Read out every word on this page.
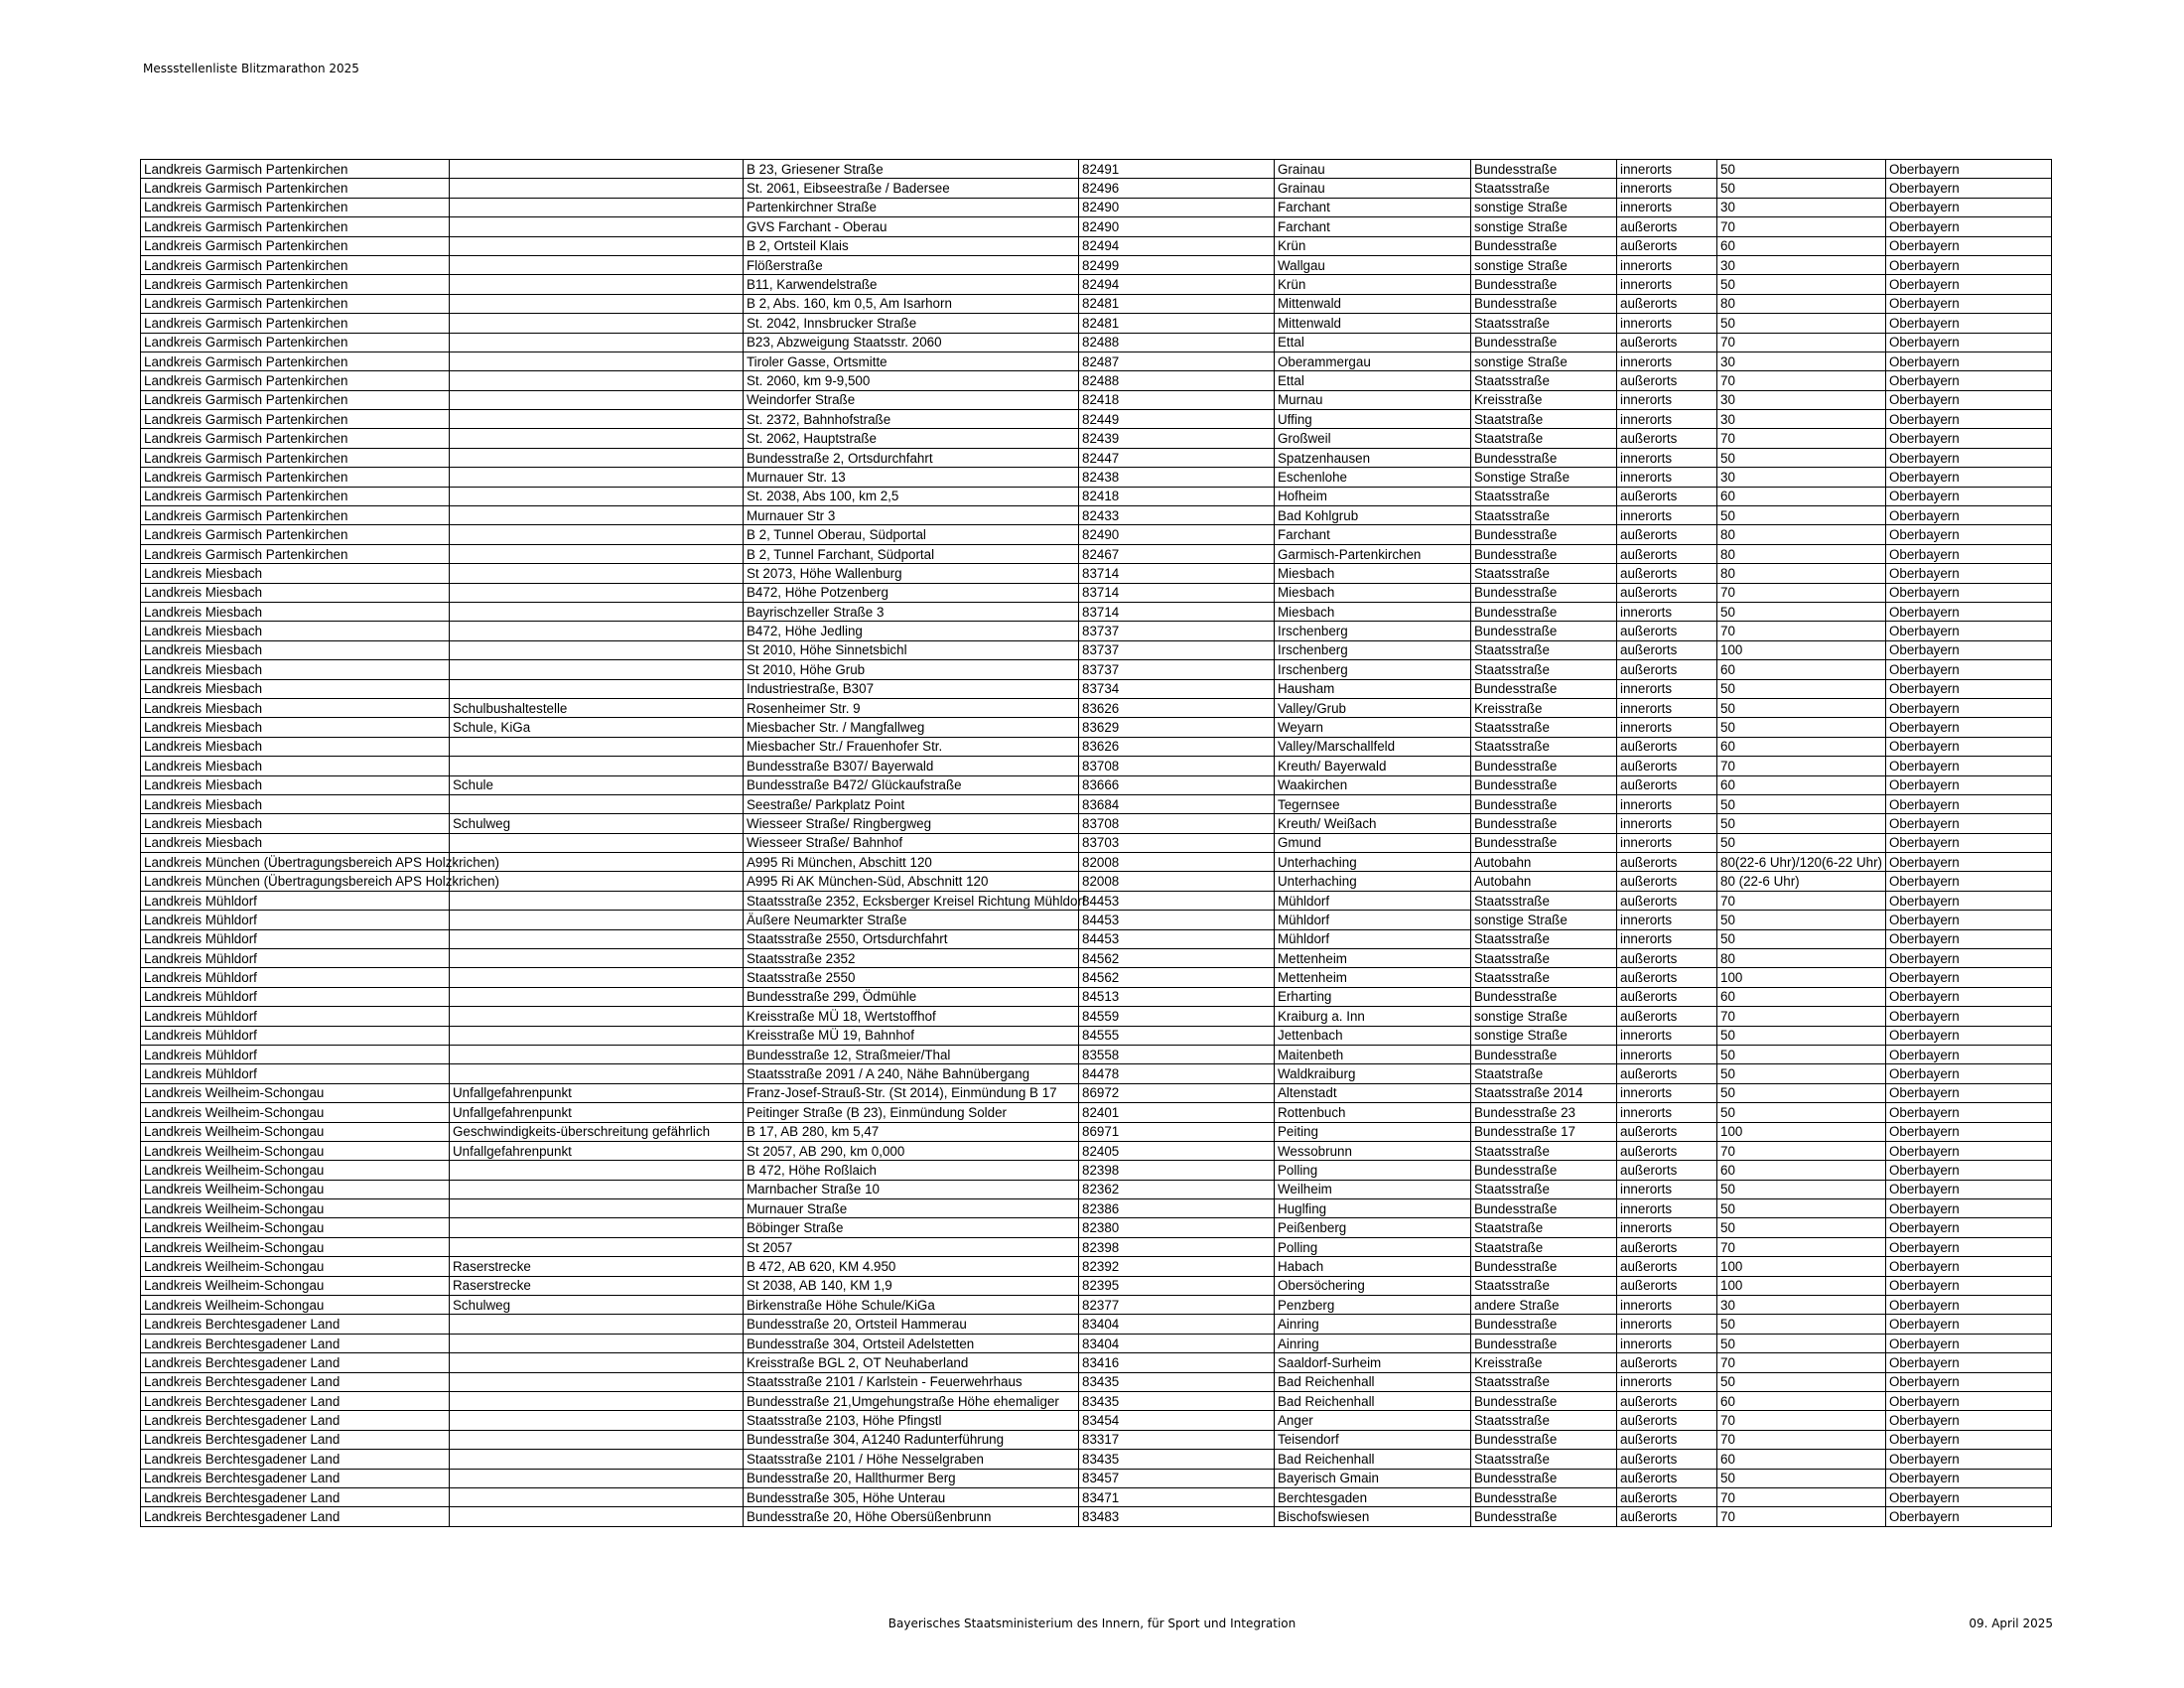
Messstellenliste Blitzmarathon 2025
Landkreis Garmisch Partenkirchen		B 23, Griesener Straße	82491	Grainau	Bundesstraße	innerorts	50	Oberbayern
Landkreis Garmisch Partenkirchen		St. 2061, Eibseestraße / Badersee	82496	Grainau	Staatsstraße	innerorts	50	Oberbayern
Landkreis Garmisch Partenkirchen		Partenkirchner Straße	82490	Farchant	sonstige Straße	innerorts	30	Oberbayern
Landkreis Garmisch Partenkirchen		GVS Farchant - Oberau	82490	Farchant	sonstige Straße	außerorts	70	Oberbayern
Landkreis Garmisch Partenkirchen		B 2, Ortsteil Klais	82494	Krün	Bundesstraße	außerorts	60	Oberbayern
Landkreis Garmisch Partenkirchen		Flößerstraße	82499	Wallgau	sonstige Straße	innerorts	30	Oberbayern
Landkreis Garmisch Partenkirchen		B11, Karwendelstraße	82494	Krün	Bundesstraße	innerorts	50	Oberbayern
Landkreis Garmisch Partenkirchen		B 2, Abs. 160, km 0,5, Am Isarhorn	82481	Mittenwald	Bundesstraße	außerorts	80	Oberbayern
Landkreis Garmisch Partenkirchen		St. 2042, Innsbrucker Straße	82481	Mittenwald	Staatsstraße	innerorts	50	Oberbayern
Landkreis Garmisch Partenkirchen		B23, Abzweigung Staatsstr. 2060	82488	Ettal	Bundesstraße	außerorts	70	Oberbayern
Landkreis Garmisch Partenkirchen		Tiroler Gasse, Ortsmitte	82487	Oberammergau	sonstige Straße	innerorts	30	Oberbayern
Landkreis Garmisch Partenkirchen		St. 2060, km 9-9,500	82488	Ettal	Staatsstraße	außerorts	70	Oberbayern
Landkreis Garmisch Partenkirchen		Weindorfer Straße	82418	Murnau	Kreisstraße	innerorts	30	Oberbayern
Landkreis Garmisch Partenkirchen		St. 2372, Bahnhofstraße	82449	Uffing	Staatstraße	innerorts	30	Oberbayern
Landkreis Garmisch Partenkirchen		St. 2062, Hauptstraße	82439	Großweil	Staatstraße	außerorts	70	Oberbayern
Landkreis Garmisch Partenkirchen		Bundesstraße 2, Ortsdurchfahrt	82447	Spatzenhausen	Bundesstraße	innerorts	50	Oberbayern
Landkreis Garmisch Partenkirchen		Murnauer Str. 13	82438	Eschenlohe	Sonstige Straße	innerorts	30	Oberbayern
Landkreis Garmisch Partenkirchen		St. 2038, Abs 100, km 2,5	82418	Hofheim	Staatsstraße	außerorts	60	Oberbayern
Landkreis Garmisch Partenkirchen		Murnauer Str 3	82433	Bad Kohlgrub	Staatsstraße	innerorts	50	Oberbayern
Landkreis Garmisch Partenkirchen		B 2, Tunnel Oberau, Südportal	82490	Farchant	Bundesstraße	außerorts	80	Oberbayern
Landkreis Garmisch Partenkirchen		B 2, Tunnel Farchant, Südportal	82467	Garmisch-Partenkirchen	Bundesstraße	außerorts	80	Oberbayern
Landkreis Miesbach		St 2073, Höhe Wallenburg	83714	Miesbach	Staatsstraße	außerorts	80	Oberbayern
Landkreis Miesbach		B472, Höhe Potzenberg	83714	Miesbach	Bundesstraße	außerorts	70	Oberbayern
Landkreis Miesbach		Bayrischzeller Straße 3	83714	Miesbach	Bundesstraße	innerorts	50	Oberbayern
Landkreis Miesbach		B472, Höhe Jedling	83737	Irschenberg	Bundesstraße	außerorts	70	Oberbayern
Landkreis Miesbach		St 2010, Höhe Sinnetsbichl	83737	Irschenberg	Staatsstraße	außerorts	100	Oberbayern
Landkreis Miesbach		St 2010, Höhe Grub	83737	Irschenberg	Staatsstraße	außerorts	60	Oberbayern
Landkreis Miesbach		Industriestraße, B307	83734	Hausham	Bundesstraße	innerorts	50	Oberbayern
Landkreis Miesbach	Schulbushaltestelle	Rosenheimer Str. 9	83626	Valley/Grub	Kreisstraße	innerorts	50	Oberbayern
Landkreis Miesbach	Schule, KiGa	Miesbacher Str. / Mangfallweg	83629	Weyarn	Staatsstraße	innerorts	50	Oberbayern
Landkreis Miesbach		Miesbacher Str./ Frauenhofer Str.	83626	Valley/Marschallfeld	Staatsstraße	außerorts	60	Oberbayern
Landkreis Miesbach		Bundesstraße B307/ Bayerwald	83708	Kreuth/ Bayerwald	Bundesstraße	außerorts	70	Oberbayern
Landkreis Miesbach	Schule	Bundesstraße B472/ Glückaufstraße	83666	Waakirchen	Bundesstraße	außerorts	60	Oberbayern
Landkreis Miesbach		Seestraße/ Parkplatz Point	83684	Tegernsee	Bundesstraße	innerorts	50	Oberbayern
Landkreis Miesbach	Schulweg	Wiesseer Straße/ Ringbergweg	83708	Kreuth/ Weißach	Bundesstraße	innerorts	50	Oberbayern
Landkreis Miesbach		Wiesseer Straße/ Bahnhof	83703	Gmund	Bundesstraße	innerorts	50	Oberbayern
Landkreis München (Übertragungsbereich APS Holzkrichen)		A995 Ri München, Abschitt 120	82008	Unterhaching	Autobahn	außerorts	80(22-6 Uhr)/120(6-22 Uhr)	Oberbayern
Landkreis München (Übertragungsbereich APS Holzkrichen)		A995 Ri AK München-Süd, Abschnitt 120	82008	Unterhaching	Autobahn	außerorts	80 (22-6 Uhr)	Oberbayern
Landkreis Mühldorf		Staatsstraße 2352, Ecksberger Kreisel Richtung Mühldorf	84453	Mühldorf	Staatsstraße	außerorts	70	Oberbayern
Landkreis Mühldorf		Äußere Neumarkter Straße	84453	Mühldorf	sonstige Straße	innerorts	50	Oberbayern
Landkreis Mühldorf		Staatsstraße 2550, Ortsdurchfahrt	84453	Mühldorf	Staatsstraße	innerorts	50	Oberbayern
Landkreis Mühldorf		Staatsstraße 2352	84562	Mettenheim	Staatsstraße	außerorts	80	Oberbayern
Landkreis Mühldorf		Staatsstraße 2550	84562	Mettenheim	Staatsstraße	außerorts	100	Oberbayern
Landkreis Mühldorf		Bundesstraße 299, Ödmühle	84513	Erharting	Bundesstraße	außerorts	60	Oberbayern
Landkreis Mühldorf		Kreisstraße MÜ 18, Wertstoffhof	84559	Kraiburg a. Inn	sonstige Straße	außerorts	70	Oberbayern
Landkreis Mühldorf		Kreisstraße MÜ 19, Bahnhof	84555	Jettenbach	sonstige Straße	innerorts	50	Oberbayern
Landkreis Mühldorf		Bundesstraße 12, Straßmeier/Thal	83558	Maitenbeth	Bundesstraße	innerorts	50	Oberbayern
Landkreis Mühldorf		Staatsstraße 2091 / A 240, Nähe Bahnübergang	84478	Waldkraiburg	Staatstraße	außerorts	50	Oberbayern
Landkreis Weilheim-Schongau	Unfallgefahrenpunkt	Franz-Josef-Strauß-Str. (St 2014), Einmündung B 17	86972	Altenstadt	Staatsstraße 2014	innerorts	50	Oberbayern
Landkreis Weilheim-Schongau	Unfallgefahrenpunkt	Peitinger Straße (B 23), Einmündung Solder	82401	Rottenbuch	Bundesstraße 23	innerorts	50	Oberbayern
Landkreis Weilheim-Schongau	Geschwindigkeits-überschreitung gefährlich	B 17, AB 280, km 5,47	86971	Peiting	Bundesstraße 17	außerorts	100	Oberbayern
Landkreis Weilheim-Schongau	Unfallgefahrenpunkt	St 2057, AB 290, km 0,000	82405	Wessobrunn	Staatsstraße	außerorts	70	Oberbayern
Landkreis Weilheim-Schongau		B 472, Höhe Roßlaich	82398	Polling	Bundesstraße	außerorts	60	Oberbayern
Landkreis Weilheim-Schongau		Marnbacher Straße 10	82362	Weilheim	Staatsstraße	innerorts	50	Oberbayern
Landkreis Weilheim-Schongau		Murnauer Straße	82386	Huglfing	Bundesstraße	innerorts	50	Oberbayern
Landkreis Weilheim-Schongau		Böbinger Straße	82380	Peißenberg	Staatstraße	innerorts	50	Oberbayern
Landkreis Weilheim-Schongau		St 2057	82398	Polling	Staatstraße	außerorts	70	Oberbayern
Landkreis Weilheim-Schongau	Raserstrecke	B 472, AB 620, KM 4.950	82392	Habach	Bundesstraße	außerorts	100	Oberbayern
Landkreis Weilheim-Schongau	Raserstrecke	St 2038, AB 140, KM 1,9	82395	Obersöchering	Staatsstraße	außerorts	100	Oberbayern
Landkreis Weilheim-Schongau	Schulweg	Birkenstraße Höhe Schule/KiGa	82377	Penzberg	andere Straße	innerorts	30	Oberbayern
Landkreis Berchtesgadener Land		Bundesstraße 20, Ortsteil Hammerau	83404	Ainring	Bundesstraße	innerorts	50	Oberbayern
Landkreis Berchtesgadener Land		Bundesstraße 304, Ortsteil Adelstetten	83404	Ainring	Bundesstraße	innerorts	50	Oberbayern
Landkreis Berchtesgadener Land		Kreisstraße BGL 2, OT Neuhaberland	83416	Saaldorf-Surheim	Kreisstraße	außerorts	70	Oberbayern
Landkreis Berchtesgadener Land		Staatsstraße 2101 / Karlstein - Feuerwehrhaus	83435	Bad Reichenhall	Staatsstraße	innerorts	50	Oberbayern
Landkreis Berchtesgadener Land		Bundesstraße 21,Umgehungstraße Höhe ehemaliger	83435	Bad Reichenhall	Bundesstraße	außerorts	60	Oberbayern
Landkreis Berchtesgadener Land		Staatsstraße 2103, Höhe Pfingstl	83454	Anger	Staatsstraße	außerorts	70	Oberbayern
Landkreis Berchtesgadener Land		Bundesstraße 304, A1240 Radunterführung	83317	Teisendorf	Bundesstraße	außerorts	70	Oberbayern
Landkreis Berchtesgadener Land		Staatsstraße 2101 / Höhe Nesselgraben	83435	Bad Reichenhall	Staatsstraße	außerorts	60	Oberbayern
Landkreis Berchtesgadener Land		Bundesstraße 20, Hallthurmer Berg	83457	Bayerisch Gmain	Bundesstraße	außerorts	50	Oberbayern
Landkreis Berchtesgadener Land		Bundesstraße 305, Höhe Unterau	83471	Berchtesgaden	Bundesstraße	außerorts	70	Oberbayern
Landkreis Berchtesgadener Land		Bundesstraße 20, Höhe Obersüßenbrunn	83483	Bischofswiesen	Bundesstraße	außerorts	70	Oberbayern
Bayerisches Staatsministerium des Innern, für Sport und Integration	09. April 2025
